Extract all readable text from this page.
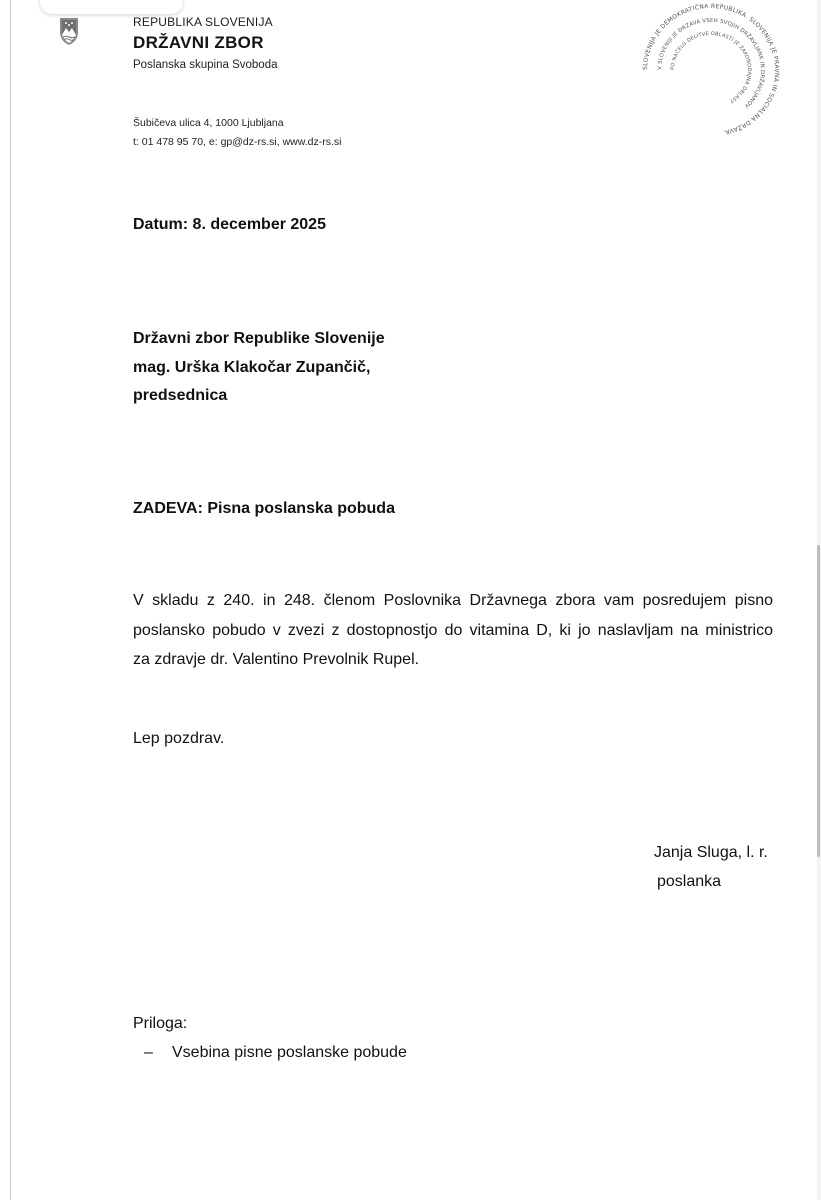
REPUBLIKA SLOVENIJA
DRŽAVNI ZBOR
Poslanska skupina Svoboda
Šubičeva ulica 4, 1000 Ljubljana
t: 01 478 95 70, e: gp@dz-rs.si, www.dz-rs.si
SLOVENIJA JE DEMOKRATIČNA REPUBLIKA. SLOVENIJA JE PRAVNA IN SOCIALNA DRŽAVA.
V SLOVENIJI JE DRŽAVA VSEH SVOJIH DRŽAVLJANK IN DRŽAVLJANOV
PO NAČELU DELITVE OBLASTI JE ZAKONODAJNA OBLAST
Datum: 8. december 2025
Državni zbor Republike Slovenije
mag. Urška Klakočar Zupančič,
predsednica
ZADEVA: Pisna poslanska pobuda
V skladu z 240. in 248. členom Poslovnika Državnega zbora vam posredujem pisno
poslansko pobudo v zvezi z dostopnostjo do vitamina D, ki jo naslavljam na ministrico
za zdravje dr. Valentino Prevolnik Rupel.
Lep pozdrav.
Janja Sluga, l. r.
poslanka
Priloga:
– Vsebina pisne poslanske pobude
